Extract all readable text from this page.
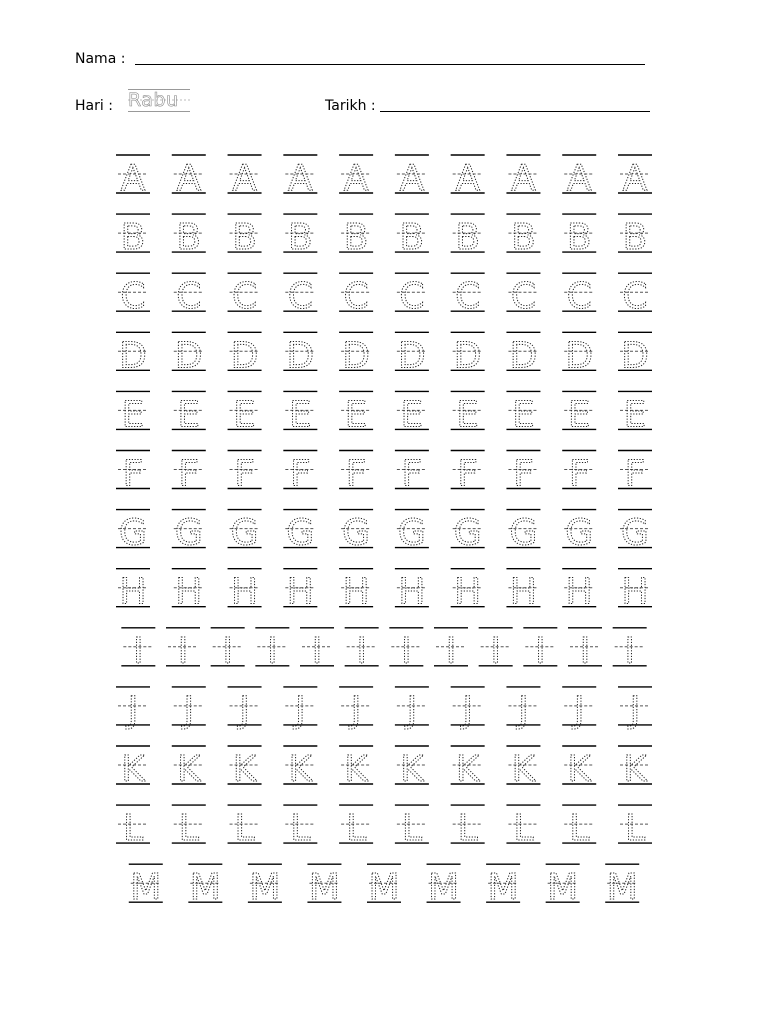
Nama :
Hari : Rabu	Tarikh :
A A A A A A A A A A
B B B B B B B B B B
C C C C C C C C C C
D D D D D D D D D D
E E E E E E E E E E
F F F F F F F F F F
G G G G G G G G G G
H H H H H H H H H H
I I I I I I I I I I I I
J J J J J J J J J J
K K K K K K K K K K
L L L L L L L L L L
M M M M M M M M M
